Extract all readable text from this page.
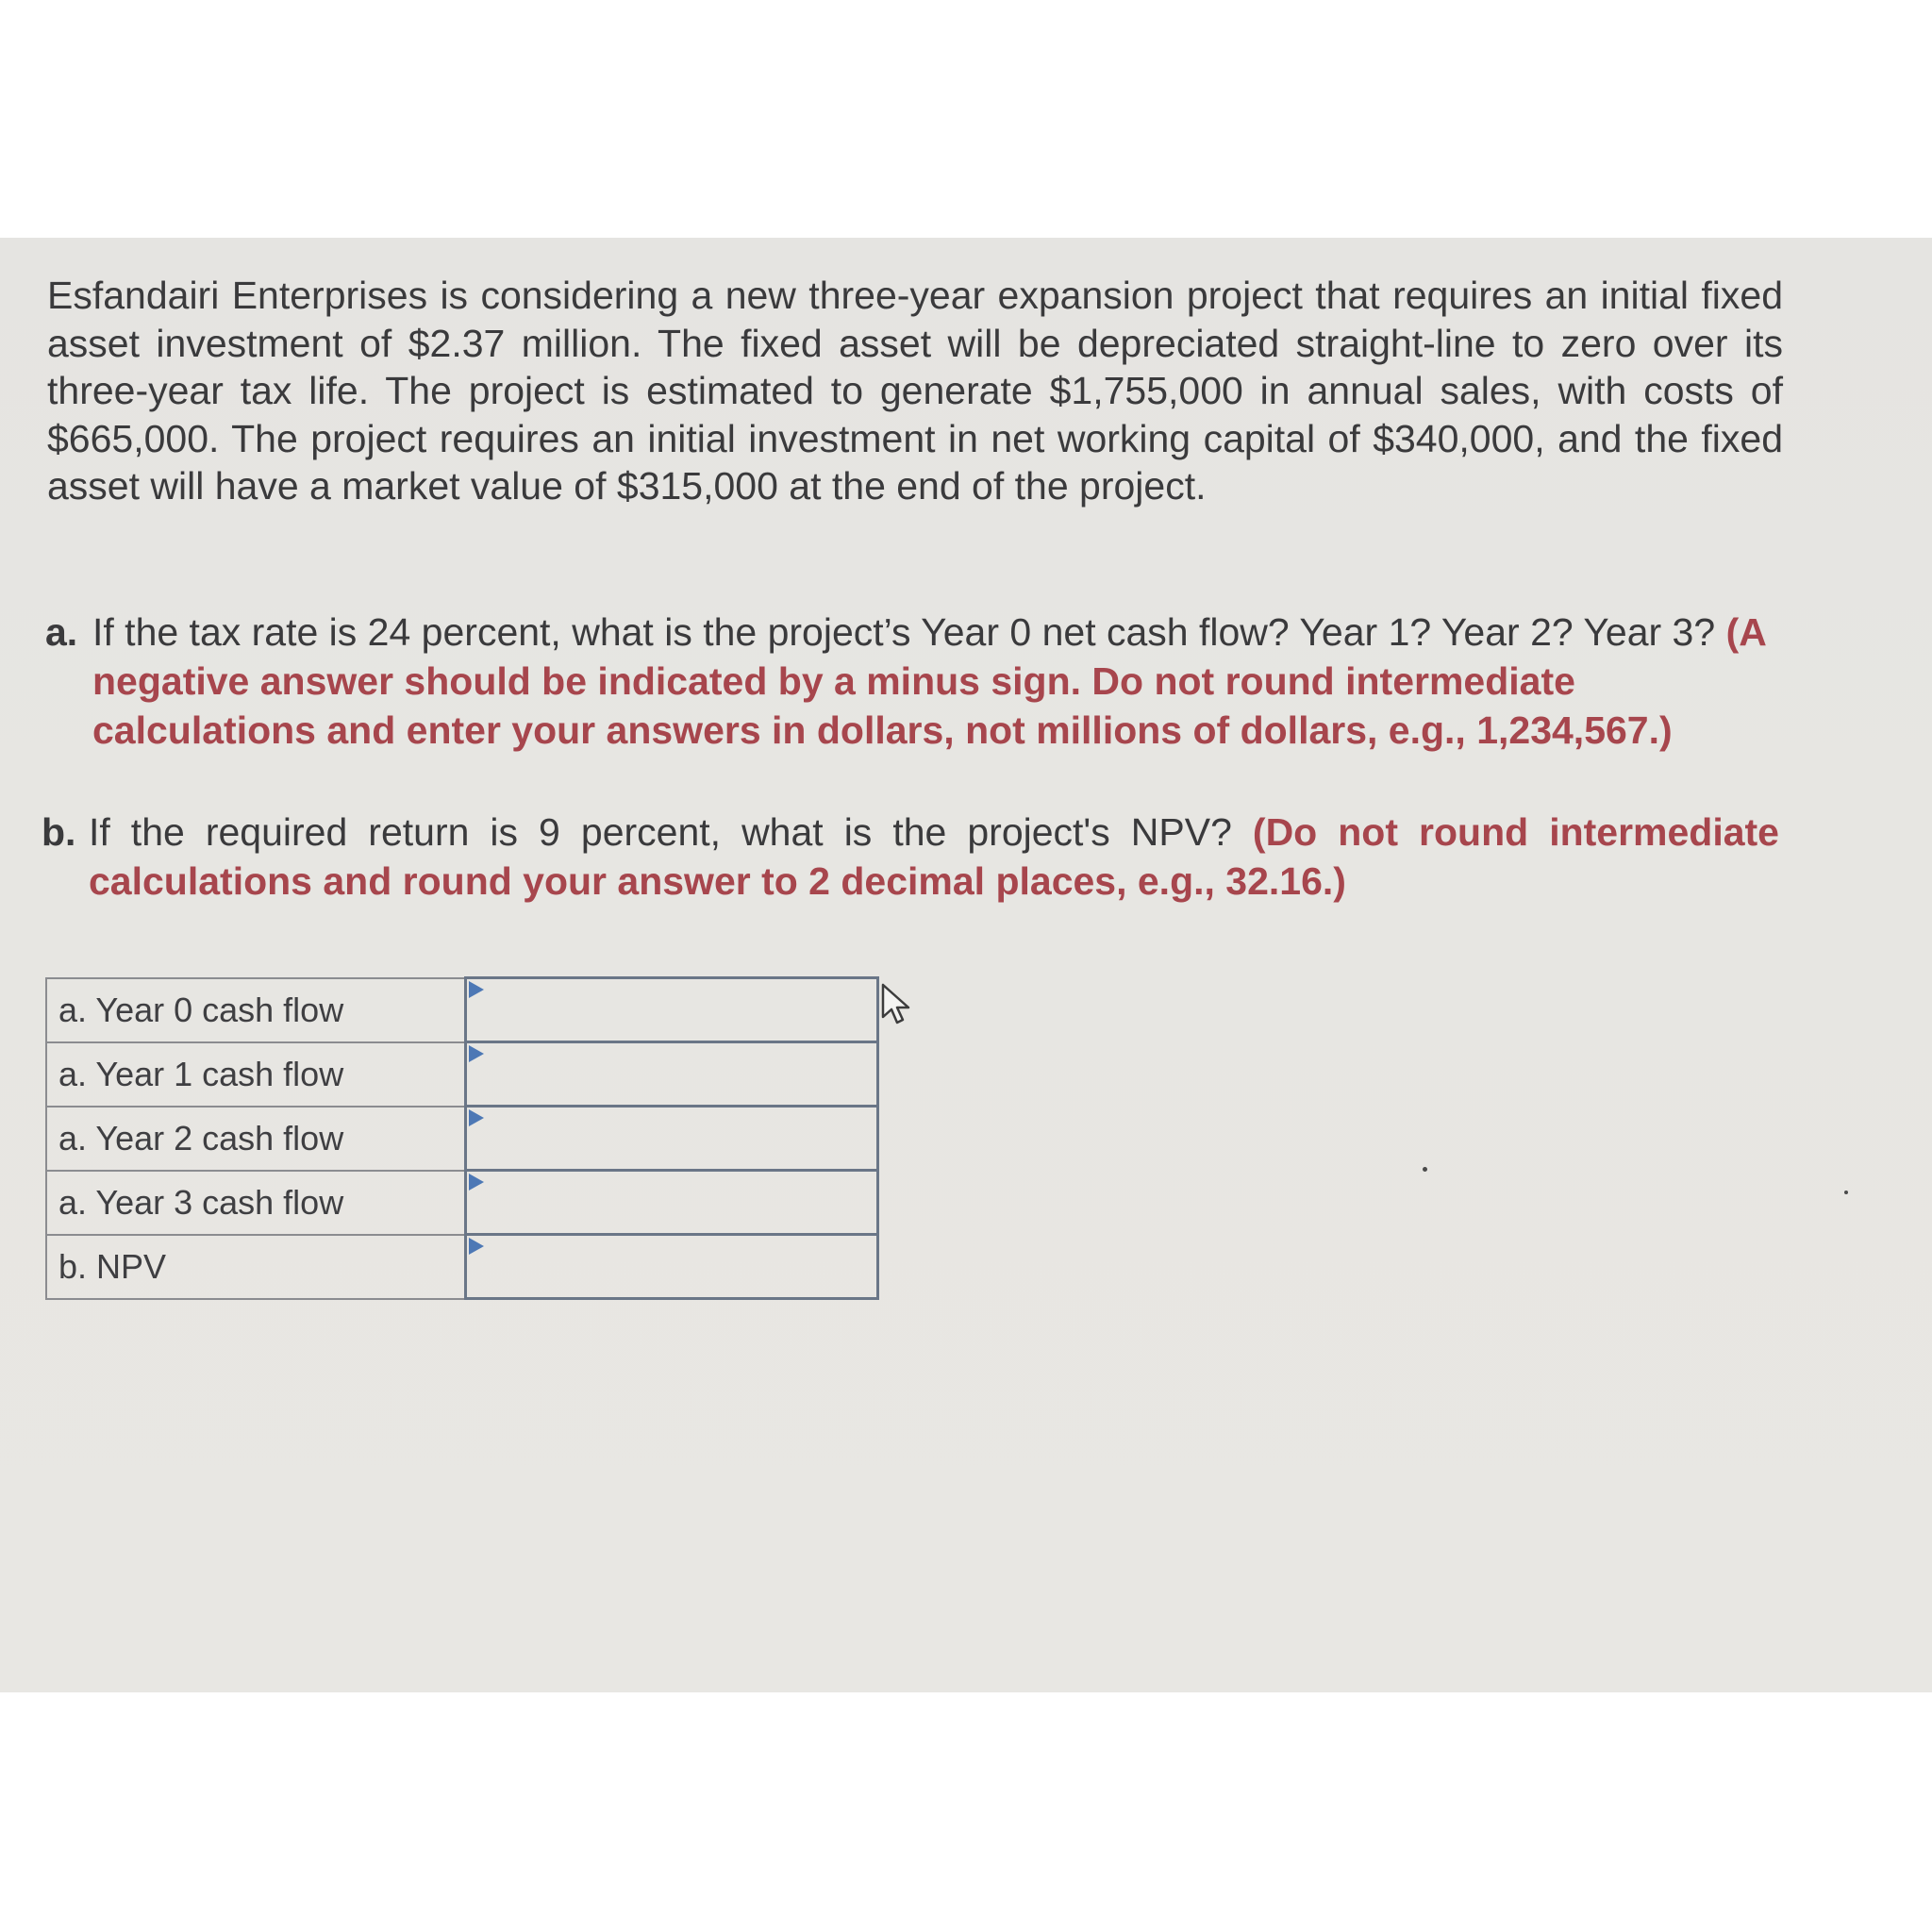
Esfandairi Enterprises is considering a new three-year expansion project that requires an initial fixed asset investment of $2.37 million. The fixed asset will be depreciated straight-line to zero over its three-year tax life. The project is estimated to generate $1,755,000 in annual sales, with costs of $665,000. The project requires an initial investment in net working capital of $340,000, and the fixed asset will have a market value of $315,000 at the end of the project.

a. If the tax rate is 24 percent, what is the project’s Year 0 net cash flow? Year 1? Year 2? Year 3? (A negative answer should be indicated by a minus sign. Do not round intermediate calculations and enter your answers in dollars, not millions of dollars, e.g., 1,234,567.)
b. If the required return is 9 percent, what is the project's NPV? (Do not round intermediate calculations and round your answer to 2 decimal places, e.g., 32.16.)
a. Year 0 cash flow	

a. Year 1 cash flow	

a. Year 2 cash flow	

a. Year 3 cash flow	

b. NPV	
